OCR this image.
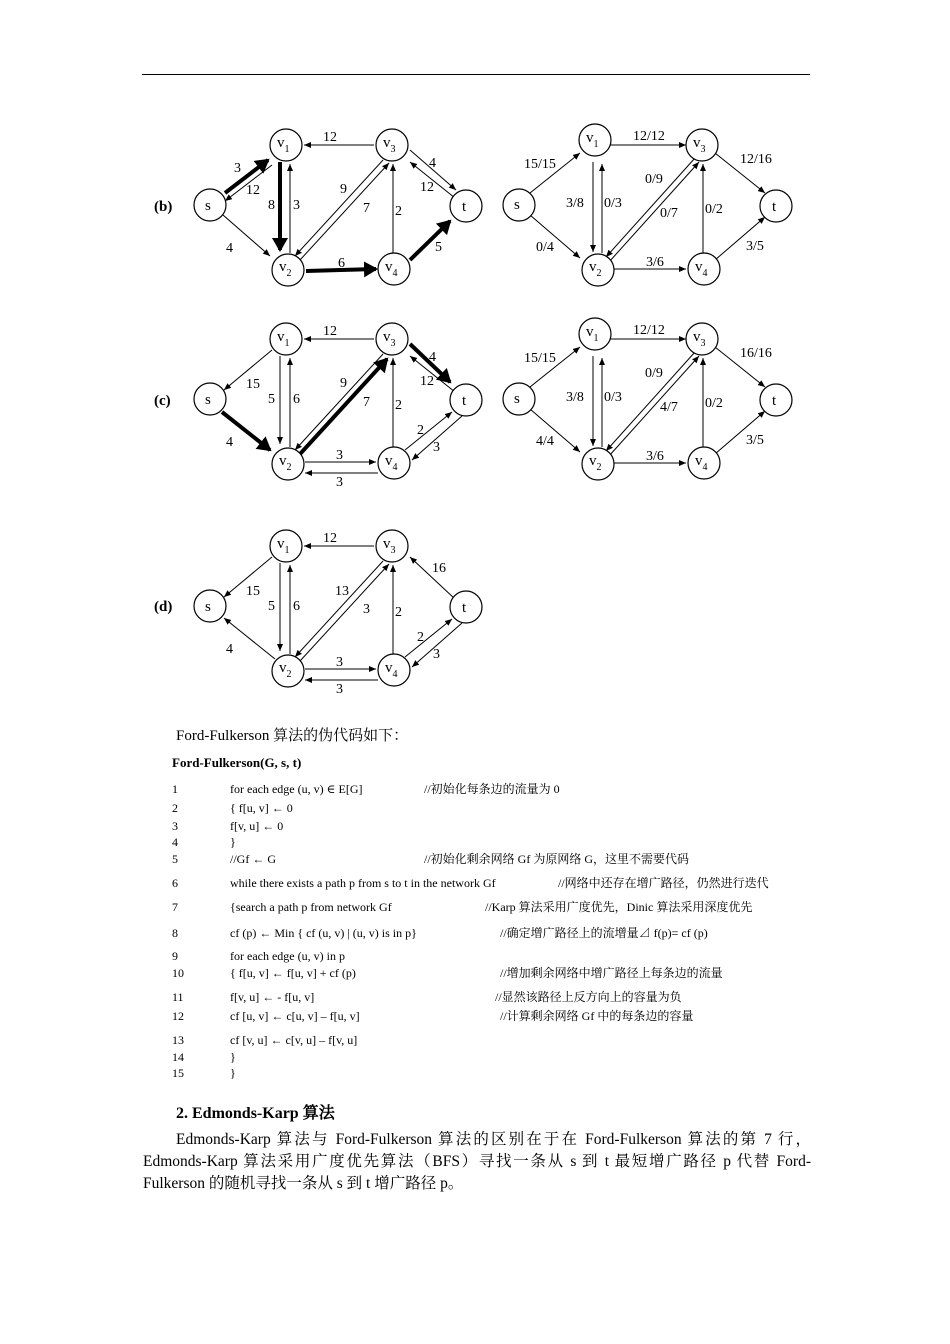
(b) s
$v_1$
$v_2$
$v_3$
$v_4$
t
3
12
4
12
8 3
9
7
6
2
4
12
5
s
$v_1$
$v_2$
$v_3$
$v_4$
t
15/15
12/12
12/16
0/9
3/8 0/3
0/7 0/2
0/4
3/6
3/5
(c) s
$v_1$
$v_2$
$v_3$
$v_4$
t
12
15
4
5 6
9
7 2
4
12
2
3
3
3
s
$v_1$
$v_2$
$v_3$
$v_4$
t
15/15
12/12
16/16
0/9
3/8 0/3
4/7 0/2
4/4
3/6
3/5
(d) s
$v_1$
$v_2$
$v_3$
$v_4$
t
12
16
15	13
5 6	3 2
4
2
3
3
3
Ford-Fulkerson 算法的伪代码如下：
Ford-Fulkerson(G, s, t)
1	for each edge (u, v) ∈ E[G]	//初始化每条边的流量为 0
2	{ f[u, v] ← 0
3	f[v, u] ← 0
4	}
5	//Gf ← G	//初始化剩余网络 Gf 为原网络 G，这里不需要代码
6	while there exists a path p from s to t in the network Gf	//网络中还存在增广路径，仍然进行迭代
7	{search a path p from network Gf	//Karp 算法采用广度优先，Dinic 算法采用深度优先
8	cf (p) ← Min { cf (u, v) | (u, v) is in p}	//确定增广路径上的流增量⊿ f(p)= cf (p)
9	for each edge (u, v) in p
10	{ f[u, v] ← f[u, v] + cf (p)	//增加剩余网络中增广路径上每条边的流量
11	f[v, u] ← - f[u, v]	//显然该路径上反方向上的容量为负
12	cf [u, v] ← c[u, v] – f[u, v]	//计算剩余网络 Gf 中的每条边的容量
13	cf [v, u] ← c[v, u] – f[v, u]
14	}
15	}
2. Edmonds-Karp 算法
Edmonds-Karp 算法与 Ford-Fulkerson 算法的区别在于在 Ford-Fulkerson 算法的第 7 行，Edmonds-Karp 算法采用广度优先算法（BFS）寻找一条从 s 到 t 最短增广路径 p 代替 Ford-Fulkerson 的随机寻找一条从 s 到 t 增广路径 p。
